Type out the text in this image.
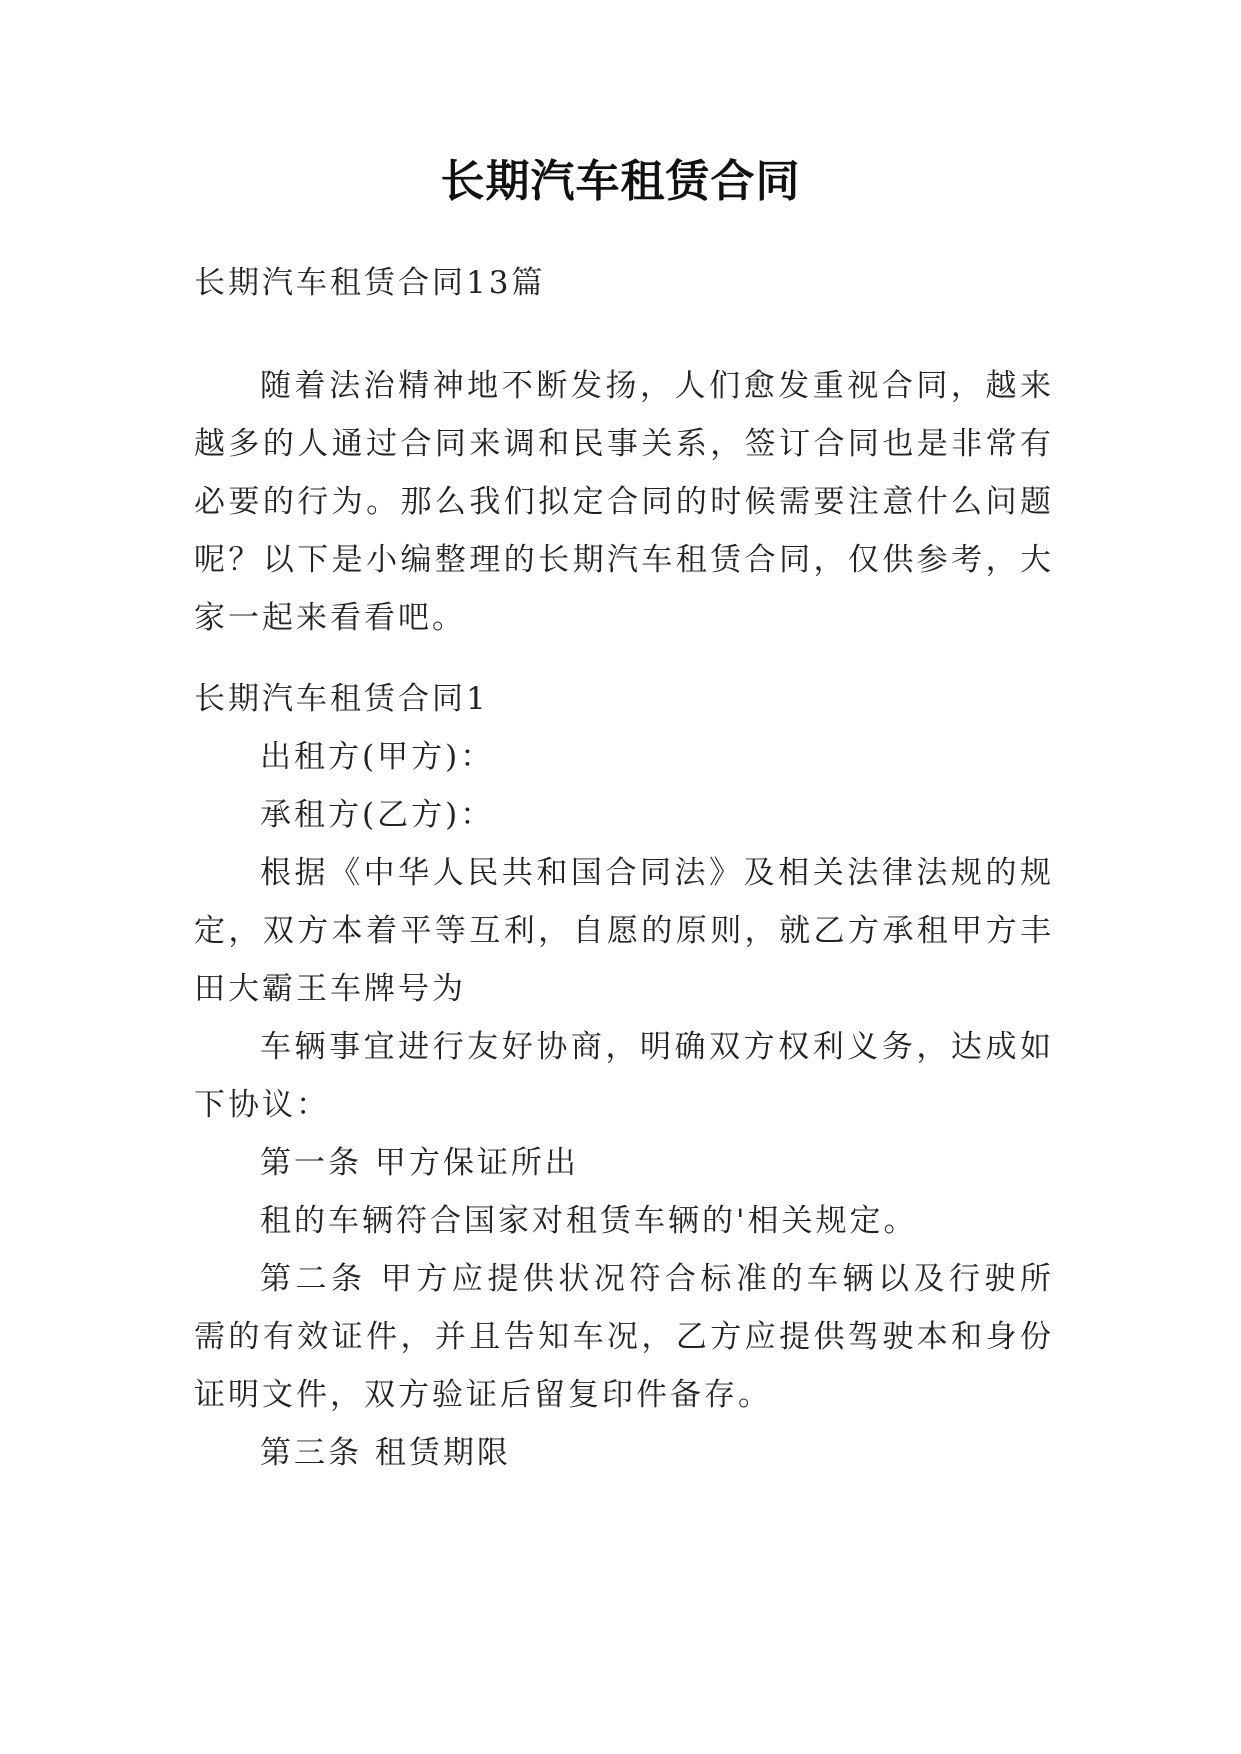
长期汽车租赁合同

长期汽车租赁合同13篇

随着法治精神地不断发扬，人们愈发重视合同，越来越多的人通过合同来调和民事关系，签订合同也是非常有必要的行为。那么我们拟定合同的时候需要注意什么问题呢？以下是小编整理的长期汽车租赁合同，仅供参考，大家一起来看看吧。

长期汽车租赁合同1

出租方(甲方)：

承租方(乙方)：

根据《中华人民共和国合同法》及相关法律法规的规定，双方本着平等互利，自愿的原则，就乙方承租甲方丰田大霸王车牌号为

车辆事宜进行友好协商，明确双方权利义务，达成如下协议：

第一条 甲方保证所出

租的车辆符合国家对租赁车辆的'相关规定。

第二条 甲方应提供状况符合标准的车辆以及行驶所需的有效证件，并且告知车况，乙方应提供驾驶本和身份证明文件，双方验证后留复印件备存。

第三条 租赁期限
